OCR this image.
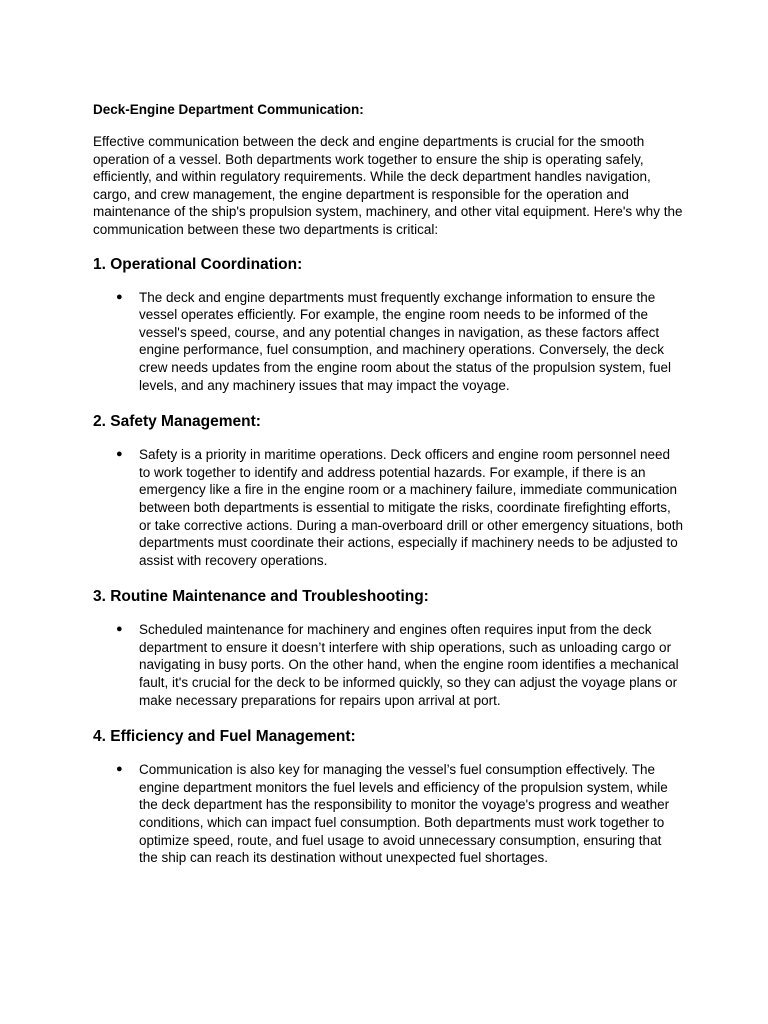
Deck-Engine Department Communication:

Effective communication between the deck and engine departments is crucial for the smooth operation of a vessel. Both departments work together to ensure the ship is operating safely, efficiently, and within regulatory requirements. While the deck department handles navigation, cargo, and crew management, the engine department is responsible for the operation and maintenance of the ship's propulsion system, machinery, and other vital equipment. Here's why the communication between these two departments is critical:

1. Operational Coordination:
● The deck and engine departments must frequently exchange information to ensure the vessel operates efficiently. For example, the engine room needs to be informed of the vessel's speed, course, and any potential changes in navigation, as these factors affect engine performance, fuel consumption, and machinery operations. Conversely, the deck crew needs updates from the engine room about the status of the propulsion system, fuel levels, and any machinery issues that may impact the voyage.
2. Safety Management:
● Safety is a priority in maritime operations. Deck officers and engine room personnel need to work together to identify and address potential hazards. For example, if there is an emergency like a fire in the engine room or a machinery failure, immediate communication between both departments is essential to mitigate the risks, coordinate firefighting efforts, or take corrective actions. During a man-overboard drill or other emergency situations, both departments must coordinate their actions, especially if machinery needs to be adjusted to assist with recovery operations.
3. Routine Maintenance and Troubleshooting:
● Scheduled maintenance for machinery and engines often requires input from the deck department to ensure it doesn’t interfere with ship operations, such as unloading cargo or navigating in busy ports. On the other hand, when the engine room identifies a mechanical fault, it's crucial for the deck to be informed quickly, so they can adjust the voyage plans or make necessary preparations for repairs upon arrival at port.
4. Efficiency and Fuel Management:
● Communication is also key for managing the vessel’s fuel consumption effectively. The engine department monitors the fuel levels and efficiency of the propulsion system, while the deck department has the responsibility to monitor the voyage's progress and weather conditions, which can impact fuel consumption. Both departments must work together to optimize speed, route, and fuel usage to avoid unnecessary consumption, ensuring that the ship can reach its destination without unexpected fuel shortages.
